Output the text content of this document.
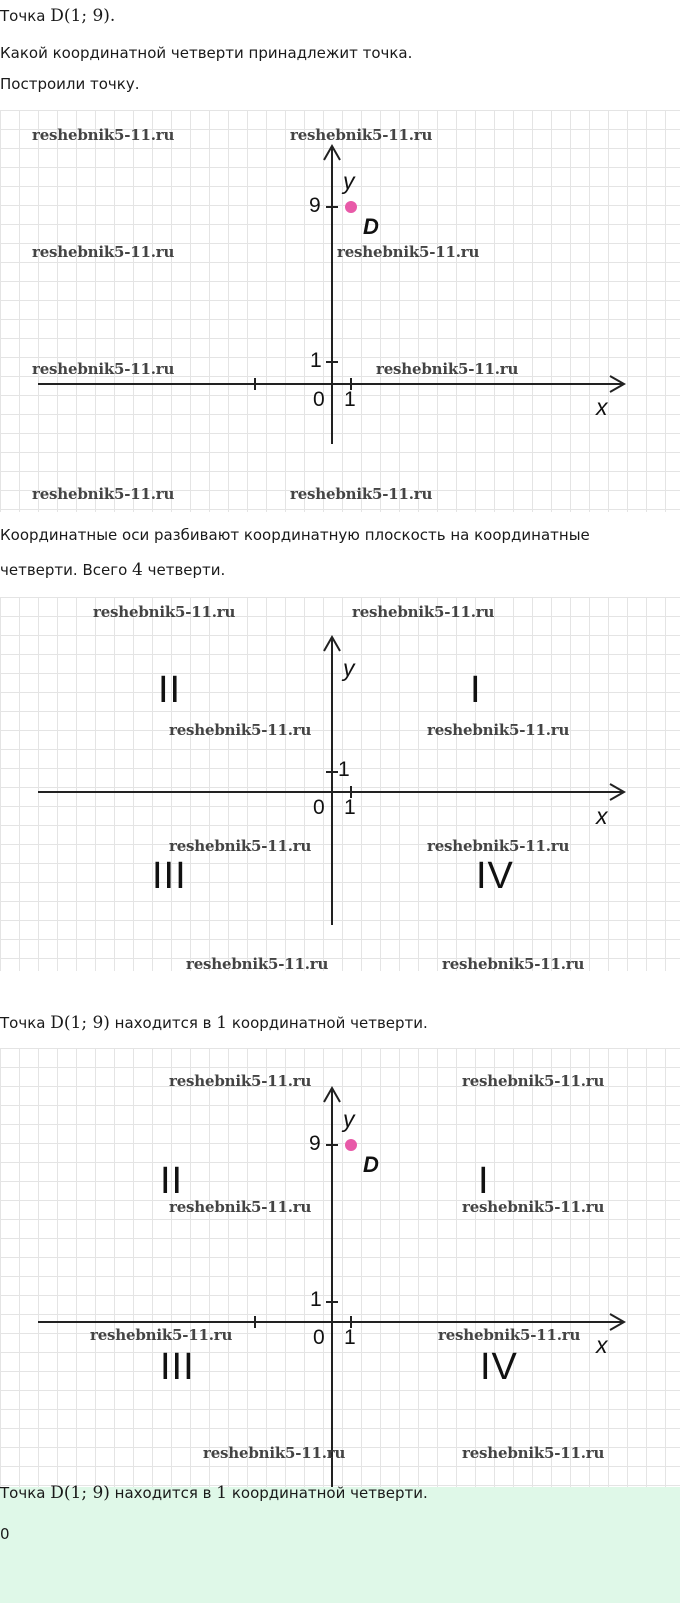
Точка D(1; 9).
Какой координатной четверти принадлежит точка.
Построили точку.
y
x
9
D
1
0 1
reshebnik5-11.ru	reshebnik5-11.ru
reshebnik5-11.ru	reshebnik5-11.ru
reshebnik5-11.ru	reshebnik5-11.ru
reshebnik5-11.ru	reshebnik5-11.ru
Координатные оси разбивают координатную плоскость на координатные
четверти. Всего 4 четверти.
y
x
1
0 1
II	I
III	IV
reshebnik5-11.ru	reshebnik5-11.ru
reshebnik5-11.ru	reshebnik5-11.ru
reshebnik5-11.ru	reshebnik5-11.ru
reshebnik5-11.ru	reshebnik5-11.ru
Точка D(1; 9) находится в 1 координатной четверти.
y
x
9
D
1
0 1
II	I
III	IV
reshebnik5-11.ru	reshebnik5-11.ru
reshebnik5-11.ru	reshebnik5-11.ru
reshebnik5-11.ru	reshebnik5-11.ru
reshebnik5-11.ru	reshebnik5-11.ru
Точка D(1; 9) находится в 1 координатной четверти.
0
